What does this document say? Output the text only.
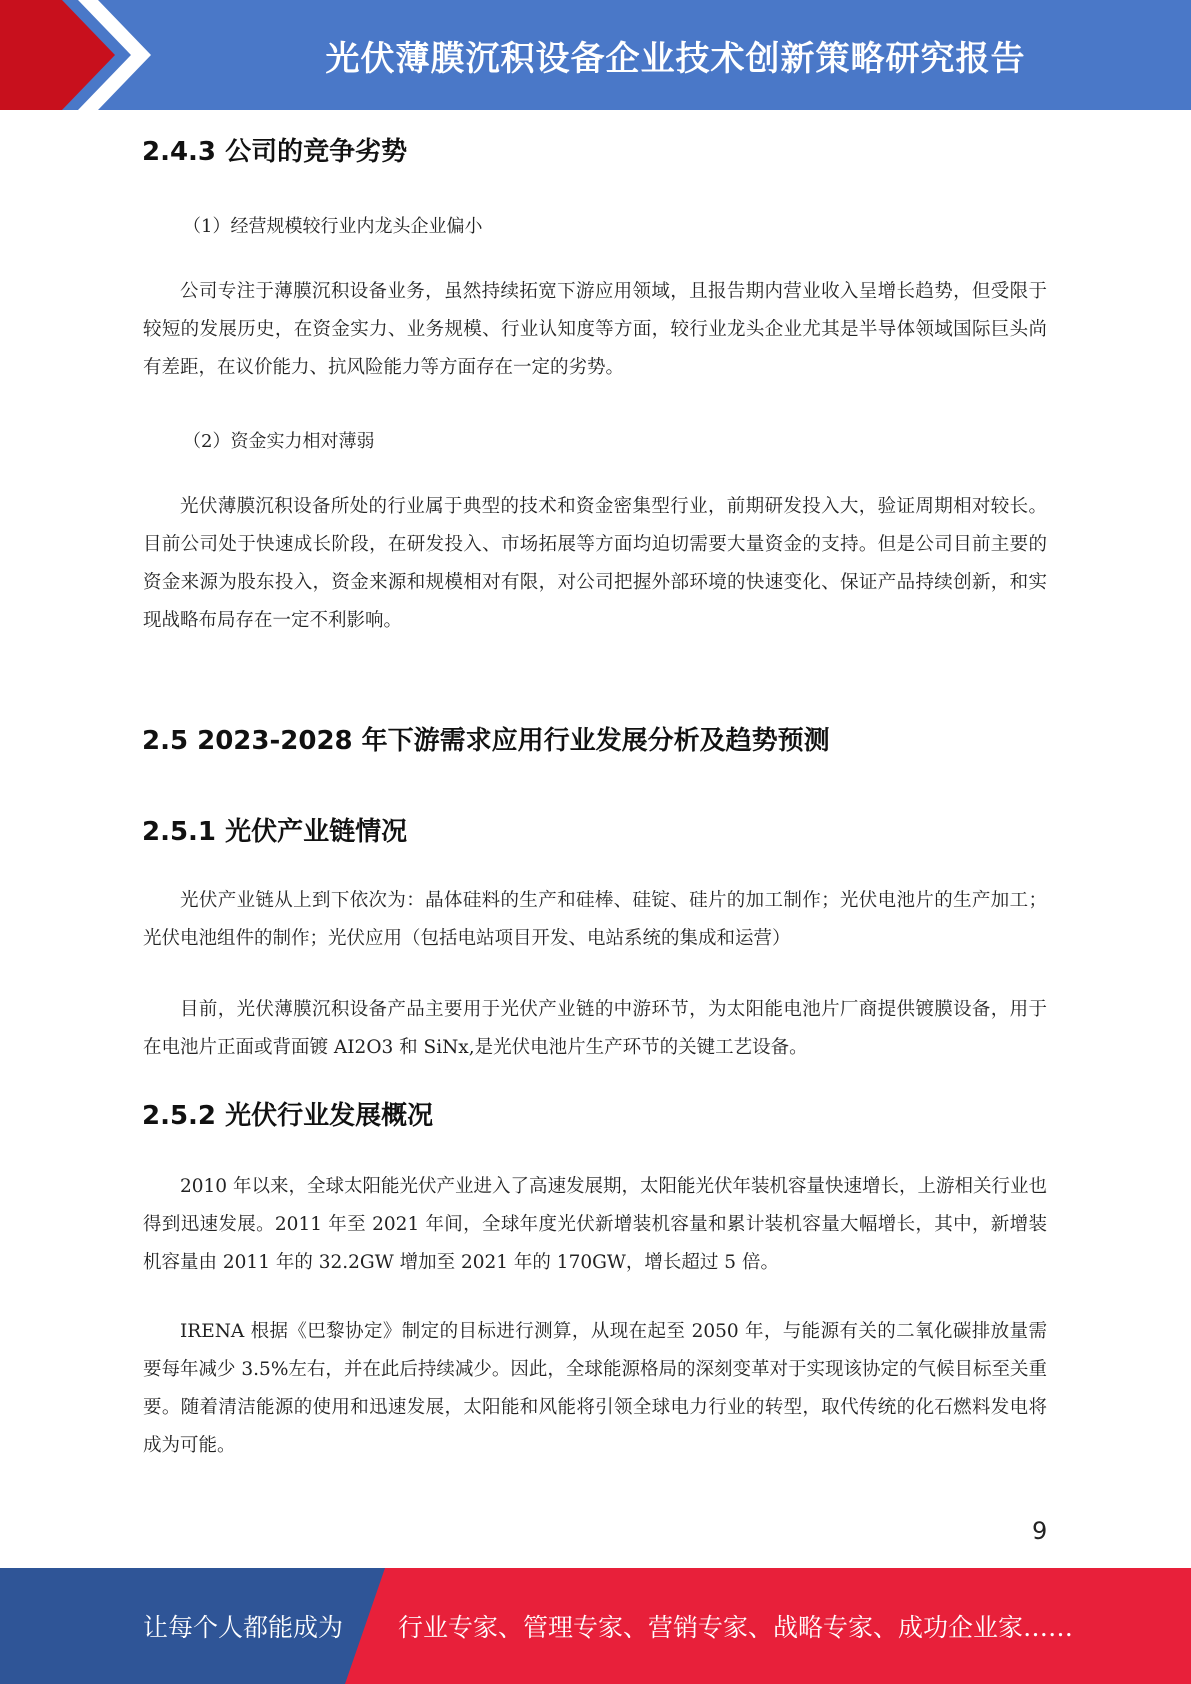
光伏薄膜沉积设备企业技术创新策略研究报告
2.4.3 公司的竞争劣势

（1）经营规模较行业内龙头企业偏小

公司专注于薄膜沉积设备业务，虽然持续拓宽下游应用领域，且报告期内营业收入呈增长趋势，但受限于较短的发展历史，在资金实力、业务规模、行业认知度等方面，较行业龙头企业尤其是半导体领域国际巨头尚有差距，在议价能力、抗风险能力等方面存在一定的劣势。

（2）资金实力相对薄弱

光伏薄膜沉积设备所处的行业属于典型的技术和资金密集型行业，前期研发投入大，验证周期相对较长。目前公司处于快速成长阶段，在研发投入、市场拓展等方面均迫切需要大量资金的支持。但是公司目前主要的资金来源为股东投入，资金来源和规模相对有限，对公司把握外部环境的快速变化、保证产品持续创新，和实现战略布局存在一定不利影响。

2.5 2023-2028 年下游需求应用行业发展分析及趋势预测
2.5.1 光伏产业链情况

光伏产业链从上到下依次为：晶体硅料的生产和硅棒、硅锭、硅片的加工制作；光伏电池片的生产加工；光伏电池组件的制作；光伏应用（包括电站项目开发、电站系统的集成和运营）

目前，光伏薄膜沉积设备产品主要用于光伏产业链的中游环节，为太阳能电池片厂商提供镀膜设备，用于在电池片正面或背面镀 AI2O3 和 SiNx,是光伏电池片生产环节的关键工艺设备。

2.5.2 光伏行业发展概况

2010 年以来，全球太阳能光伏产业进入了高速发展期，太阳能光伏年装机容量快速增长，上游相关行业也得到迅速发展。2011 年至 2021 年间，全球年度光伏新增装机容量和累计装机容量大幅增长，其中，新增装机容量由 2011 年的 32.2GW 增加至 2021 年的 170GW，增长超过 5 倍。

IRENA 根据《巴黎协定》制定的目标进行测算，从现在起至 2050 年，与能源有关的二氧化碳排放量需要每年减少 3.5%左右，并在此后持续减少。因此，全球能源格局的深刻变革对于实现该协定的气候目标至关重要。随着清洁能源的使用和迅速发展，太阳能和风能将引领全球电力行业的转型，取代传统的化石燃料发电将成为可能。

9
让每个人都能成为 行业专家、管理专家、营销专家、战略专家、成功企业家……
